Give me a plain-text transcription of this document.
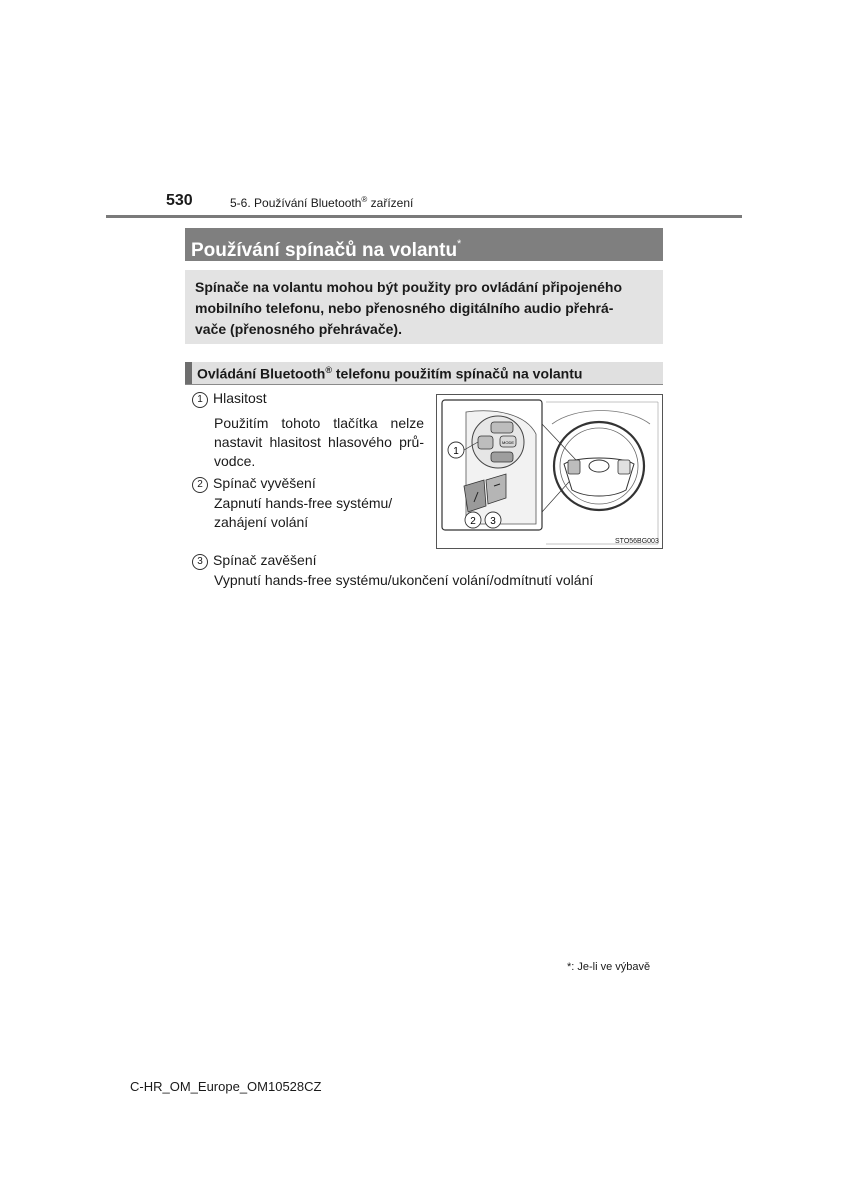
530	5-6. Používání Bluetooth® zařízení
Používání spínačů na volantu*
Spínače na volantu mohou být použity pro ovládání připojeného
mobilního telefonu, nebo přenosného digitálního audio přehrá-
vače (přenosného přehrávače).
Ovládání Bluetooth® telefonu použitím spínačů na volantu
1 Hlasitost
Použitím tohoto tlačítka nelze
nastavit hlasitost hlasového prů-
vodce.
2 Spínač vyvěšení
Zapnutí hands-free systému/
zahájení volání
3 Spínač zavěšení
Vypnutí hands-free systému/ukončení volání/odmítnutí volání
MODE
1
2 3
STO56BG003
*: Je-li ve výbavě
C-HR_OM_Europe_OM10528CZ
